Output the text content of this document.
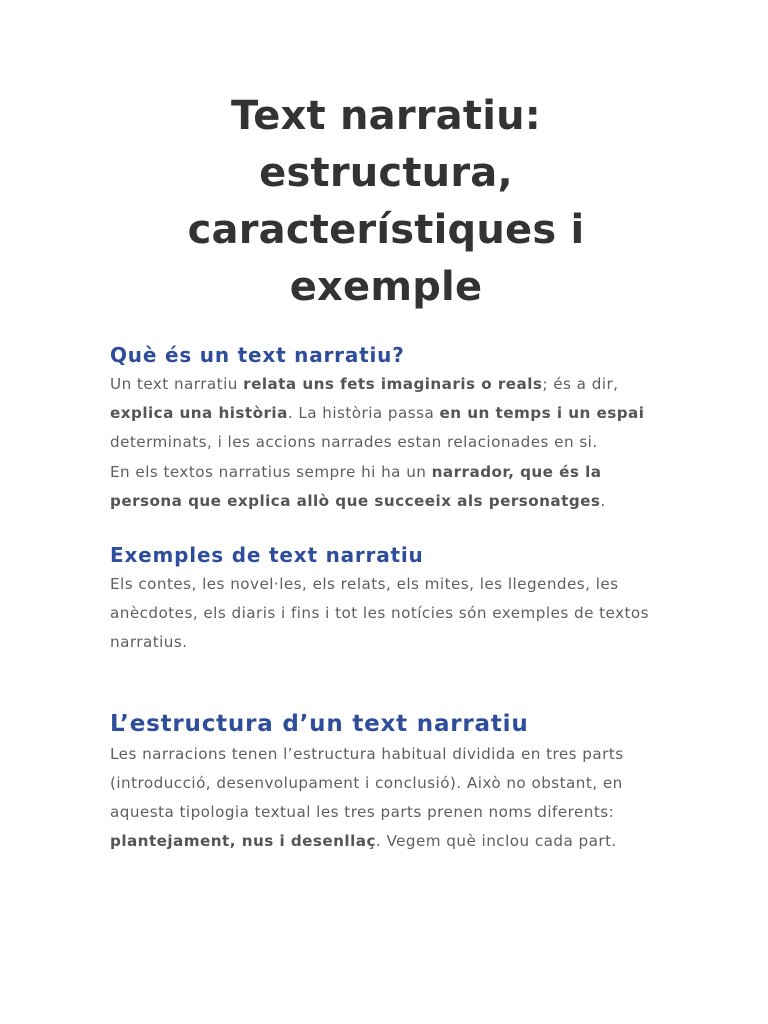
Text narratiu: estructura, característiques i exemple
Què és un text narratiu?

Un text narratiu relata uns fets imaginaris o reals; és a dir, explica una història. La història passa en un temps i un espai determinats, i les accions narrades estan relacionades en si.

En els textos narratius sempre hi ha un narrador, que és la persona que explica allò que succeeix als personatges.

Exemples de text narratiu

Els contes, les novel·les, els relats, els mites, les llegendes, les anècdotes, els diaris i fins i tot les notícies són exemples de textos narratius.

L’estructura d’un text narratiu

Les narracions tenen l’estructura habitual dividida en tres parts (introducció, desenvolupament i conclusió). Això no obstant, en aquesta tipologia textual les tres parts prenen noms diferents: plantejament, nus i desenllaç. Vegem què inclou cada part.
